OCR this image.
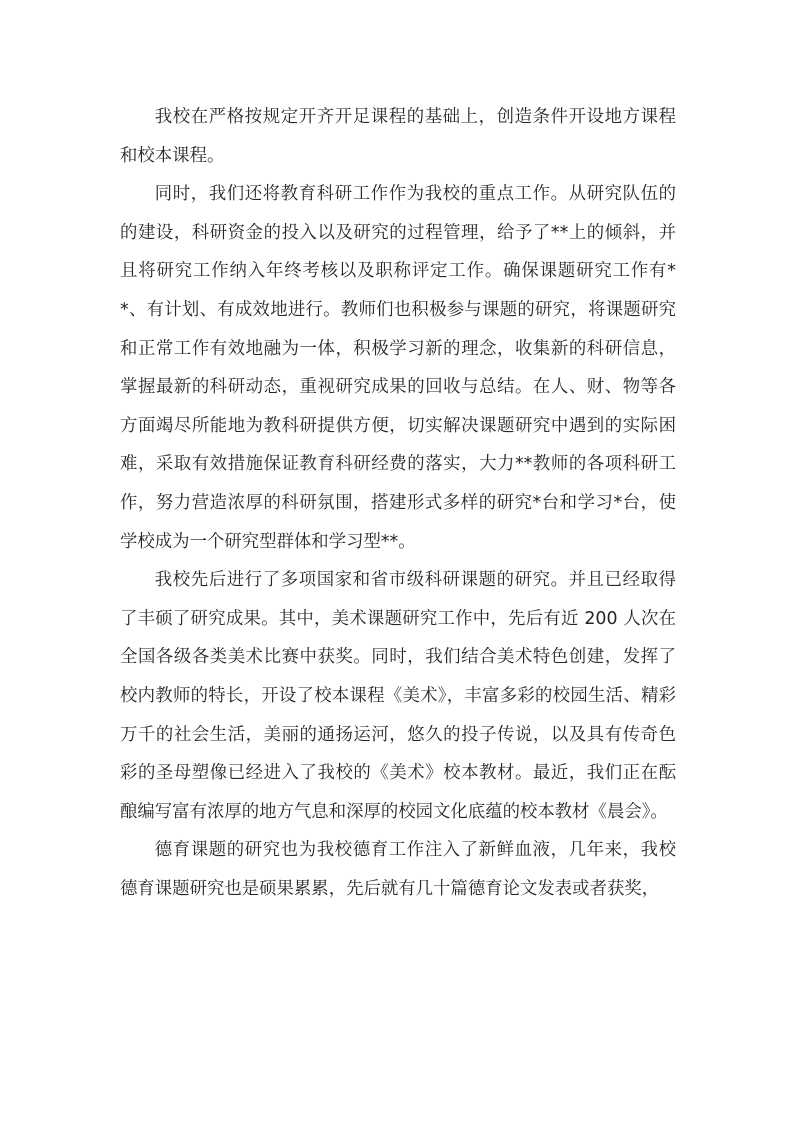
我校在严格按规定开齐开足课程的基础上，创造条件开设地方课程和校本课程。

同时，我们还将教育科研工作作为我校的重点工作。从研究队伍的的建设，科研资金的投入以及研究的过程管理，给予了**上的倾斜，并且将研究工作纳入年终考核以及职称评定工作。确保课题研究工作有**、有计划、有成效地进行。教师们也积极参与课题的研究，将课题研究和正常工作有效地融为一体，积极学习新的理念，收集新的科研信息，掌握最新的科研动态，重视研究成果的回收与总结。在人、财、物等各方面竭尽所能地为教科研提供方便，切实解决课题研究中遇到的实际困难，采取有效措施保证教育科研经费的落实，大力**教师的各项科研工作，努力营造浓厚的科研氛围，搭建形式多样的研究*台和学习*台，使学校成为一个研究型群体和学习型**。

我校先后进行了多项国家和省市级科研课题的研究。并且已经取得了丰硕了研究成果。其中，美术课题研究工作中，先后有近 200 人次在全国各级各类美术比赛中获奖。同时，我们结合美术特色创建，发挥了校内教师的特长，开设了校本课程《美术》，丰富多彩的校园生活、精彩万千的社会生活，美丽的通扬运河，悠久的投子传说，以及具有传奇色彩的圣母塑像已经进入了我校的《美术》校本教材。最近，我们正在酝酿编写富有浓厚的地方气息和深厚的校园文化底蕴的校本教材《晨会》。

德育课题的研究也为我校德育工作注入了新鲜血液，几年来，我校德育课题研究也是硕果累累，先后就有几十篇德育论文发表或者获奖，
